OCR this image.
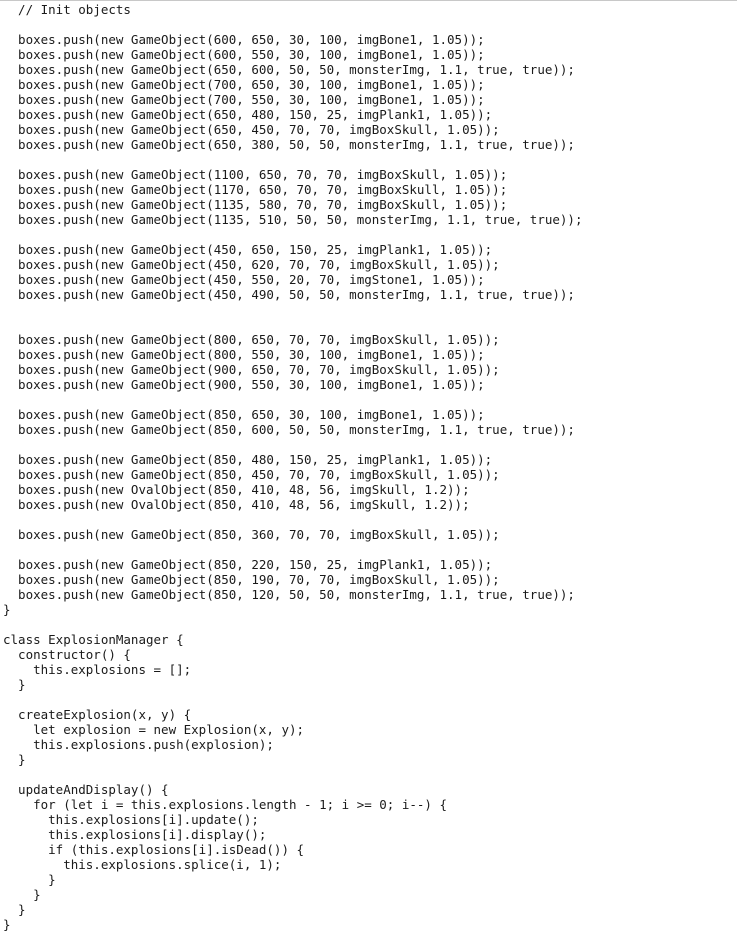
// Init objects
boxes.push(new GameObject(600, 650, 30, 100, imgBone1, 1.05));
boxes.push(new GameObject(600, 550, 30, 100, imgBone1, 1.05));
boxes.push(new GameObject(650, 600, 50, 50, monsterImg, 1.1, true, true));
boxes.push(new GameObject(700, 650, 30, 100, imgBone1, 1.05));
boxes.push(new GameObject(700, 550, 30, 100, imgBone1, 1.05));
boxes.push(new GameObject(650, 480, 150, 25, imgPlank1, 1.05));
boxes.push(new GameObject(650, 450, 70, 70, imgBoxSkull, 1.05));
boxes.push(new GameObject(650, 380, 50, 50, monsterImg, 1.1, true, true));
boxes.push(new GameObject(1100, 650, 70, 70, imgBoxSkull, 1.05));
boxes.push(new GameObject(1170, 650, 70, 70, imgBoxSkull, 1.05));
boxes.push(new GameObject(1135, 580, 70, 70, imgBoxSkull, 1.05));
boxes.push(new GameObject(1135, 510, 50, 50, monsterImg, 1.1, true, true));
boxes.push(new GameObject(450, 650, 150, 25, imgPlank1, 1.05));
boxes.push(new GameObject(450, 620, 70, 70, imgBoxSkull, 1.05));
boxes.push(new GameObject(450, 550, 20, 70, imgStone1, 1.05));
boxes.push(new GameObject(450, 490, 50, 50, monsterImg, 1.1, true, true));
boxes.push(new GameObject(800, 650, 70, 70, imgBoxSkull, 1.05));
boxes.push(new GameObject(800, 550, 30, 100, imgBone1, 1.05));
boxes.push(new GameObject(900, 650, 70, 70, imgBoxSkull, 1.05));
boxes.push(new GameObject(900, 550, 30, 100, imgBone1, 1.05));
boxes.push(new GameObject(850, 650, 30, 100, imgBone1, 1.05));
boxes.push(new GameObject(850, 600, 50, 50, monsterImg, 1.1, true, true));
boxes.push(new GameObject(850, 480, 150, 25, imgPlank1, 1.05));
boxes.push(new GameObject(850, 450, 70, 70, imgBoxSkull, 1.05));
boxes.push(new OvalObject(850, 410, 48, 56, imgSkull, 1.2));
boxes.push(new OvalObject(850, 410, 48, 56, imgSkull, 1.2));
boxes.push(new GameObject(850, 360, 70, 70, imgBoxSkull, 1.05));
boxes.push(new GameObject(850, 220, 150, 25, imgPlank1, 1.05));
boxes.push(new GameObject(850, 190, 70, 70, imgBoxSkull, 1.05));
boxes.push(new GameObject(850, 120, 50, 50, monsterImg, 1.1, true, true));
}
class ExplosionManager {
constructor() {
this.explosions = [];
}
createExplosion(x, y) {
let explosion = new Explosion(x, y);
this.explosions.push(explosion);
}
updateAndDisplay() {
for (let i = this.explosions.length - 1; i >= 0; i--) {
this.explosions[i].update();
this.explosions[i].display();
if (this.explosions[i].isDead()) {
this.explosions.splice(i, 1);
}
}
}
}
